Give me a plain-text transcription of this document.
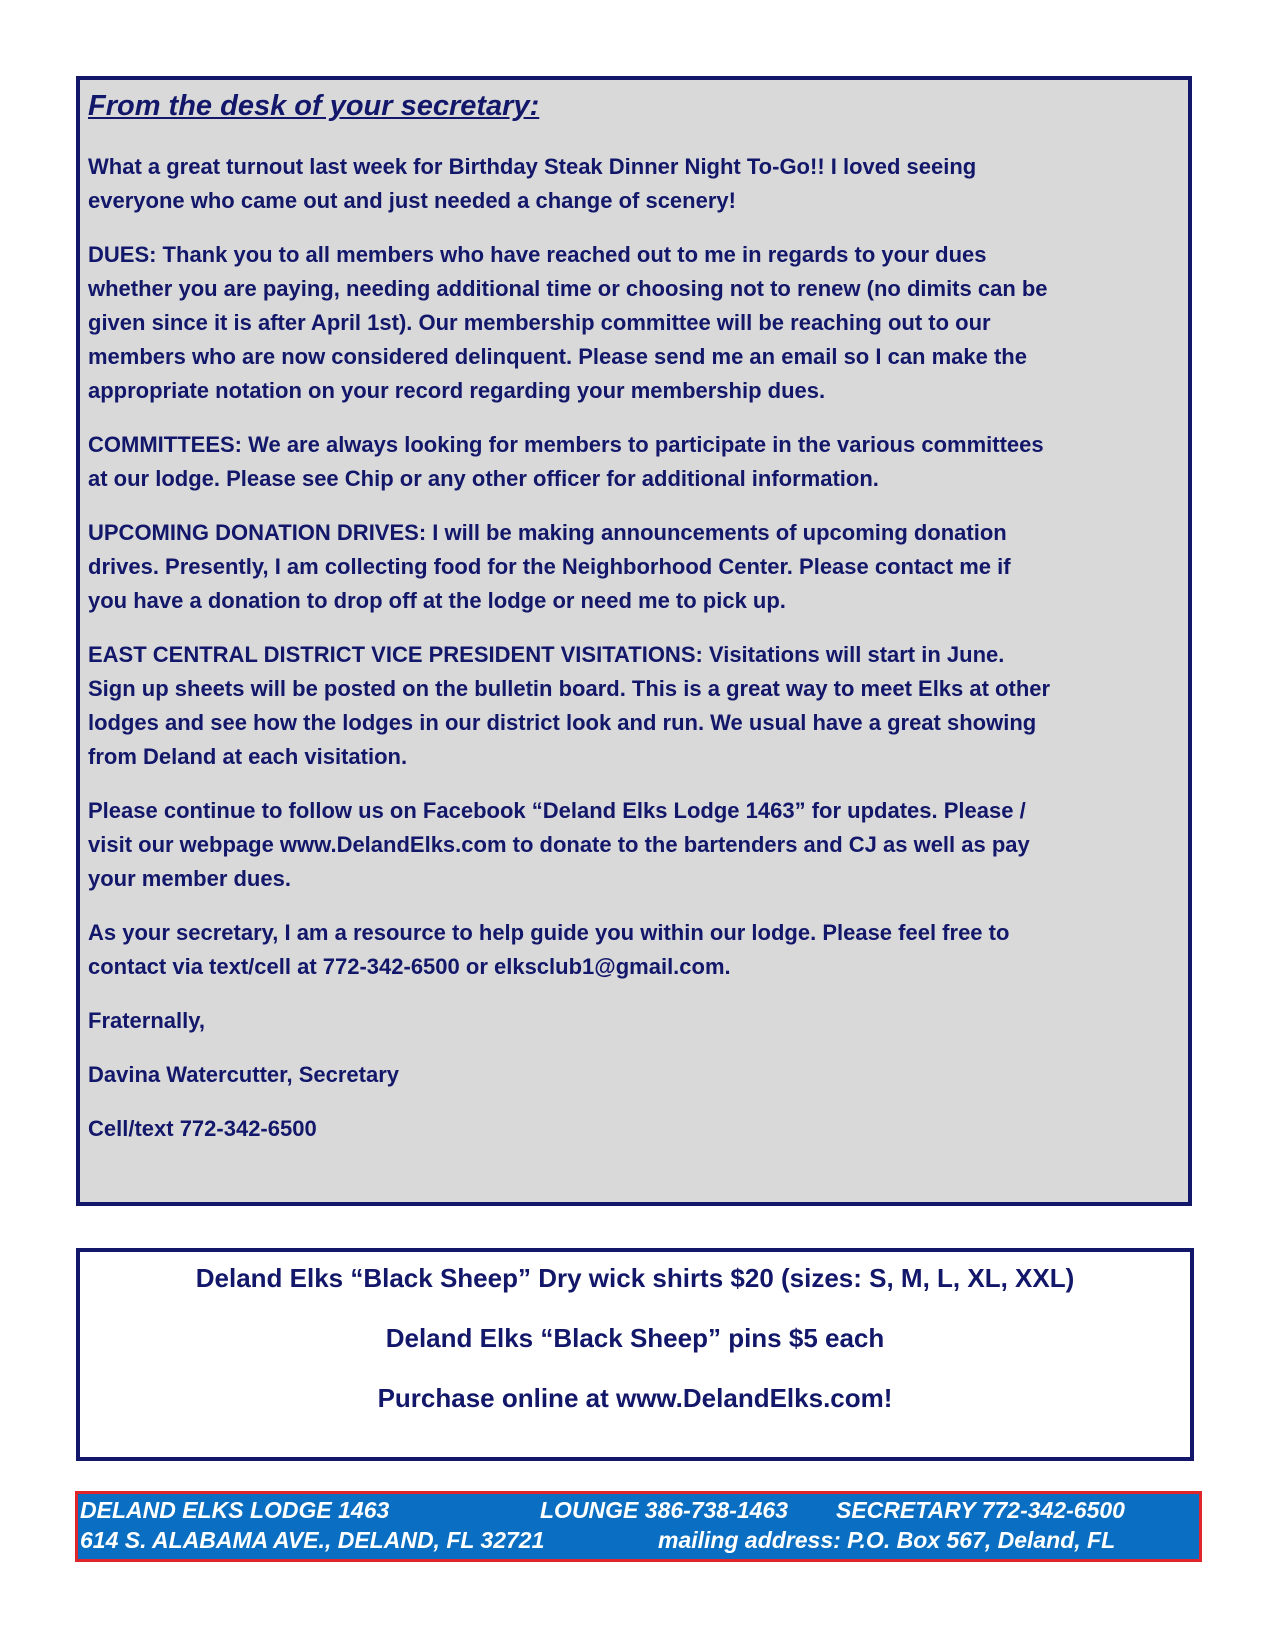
From the desk of your secretary:
What a great turnout last week for Birthday Steak Dinner Night To-Go!! I loved seeing
everyone who came out and just needed a change of scenery!
DUES: Thank you to all members who have reached out to me in regards to your dues
whether you are paying, needing additional time or choosing not to renew (no dimits can be
given since it is after April 1st). Our membership committee will be reaching out to our
members who are now considered delinquent. Please send me an email so I can make the
appropriate notation on your record regarding your membership dues.
COMMITTEES: We are always looking for members to participate in the various committees
at our lodge. Please see Chip or any other officer for additional information.
UPCOMING DONATION DRIVES: I will be making announcements of upcoming donation
drives. Presently, I am collecting food for the Neighborhood Center. Please contact me if
you have a donation to drop off at the lodge or need me to pick up.
EAST CENTRAL DISTRICT VICE PRESIDENT VISITATIONS: Visitations will start in June.
Sign up sheets will be posted on the bulletin board. This is a great way to meet Elks at other
lodges and see how the lodges in our district look and run. We usual have a great showing
from Deland at each visitation.
Please continue to follow us on Facebook “Deland Elks Lodge 1463” for updates. Please /
visit our webpage www.DelandElks.com to donate to the bartenders and CJ as well as pay
your member dues.
As your secretary, I am a resource to help guide you within our lodge. Please feel free to
contact via text/cell at 772-342-6500 or elksclub1@gmail.com.
Fraternally,
Davina Watercutter, Secretary
Cell/text 772-342-6500
Deland Elks “Black Sheep” Dry wick shirts $20 (sizes: S, M, L, XL, XXL)
Deland Elks “Black Sheep” pins $5 each
Purchase online at www.DelandElks.com!
DELAND ELKS LODGE 1463	LOUNGE 386-738-1463 SECRETARY 772-342-6500
614 S. ALABAMA AVE., DELAND, FL 32721	mailing address: P.O. Box 567, Deland, FL
